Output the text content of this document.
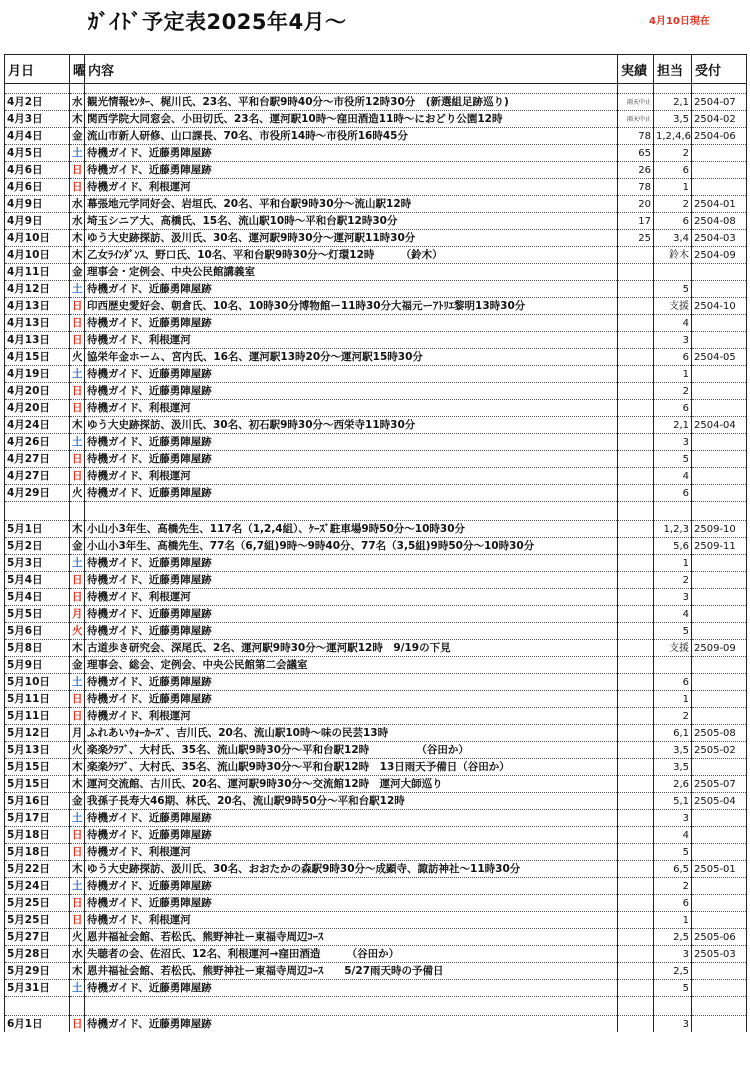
ｶﾞｲﾄﾞ予定表2025年4月～	4月10日現在
月日	曜	内容	実績	担当	受付

4月2日	水	観光情報ｾﾝﾀｰ、梶川氏、23名、平和台駅9時40分～市役所12時30分　(新選組足跡巡り)	雨天中止	2,1	2504-07
4月3日	木	関西学院大同窓会、小田切氏、23名、運河駅10時～窪田酒造11時～におどり公園12時	雨天中止	3,5	2504-02
4月4日	金	流山市新人研修、山口課長、70名、市役所14時～市役所16時45分	78	1,2,4,6	2504-06
4月5日	土	待機ガイド、近藤勇陣屋跡	65	2	
4月6日	日	待機ガイド、近藤勇陣屋跡	26	6	
4月6日	日	待機ガイド、利根運河	78	1	
4月9日	水	幕張地元学同好会、岩垣氏、20名、平和台駅9時30分～流山駅12時	20	2	2504-01
4月9日	水	埼玉シニア大、高橋氏、15名、流山駅10時～平和台駅12時30分	17	6	2504-08
4月10日	木	ゆう大史跡探訪、汲川氏、30名、運河駅9時30分～運河駅11時30分	25	3,4	2504-03
4月10日	木	乙女ﾗｲﾝﾀﾞﾝｽ、野口氏、10名、平和台駅9時30分～灯環12時　　　（鈴木）		鈴木	2504-09
4月11日	金	理事会・定例会、中央公民館講義室			
4月12日	土	待機ガイド、近藤勇陣屋跡		5	
4月13日	日	印西歴史愛好会、朝倉氏、10名、10時30分博物館ー11時30分大福元ーｱﾄﾘｴ黎明13時30分		支援	2504-10
4月13日	日	待機ガイド、近藤勇陣屋跡		4	
4月13日	日	待機ガイド、利根運河		3	
4月15日	火	協栄年金ホーム、宮内氏、16名、運河駅13時20分～運河駅15時30分		6	2504-05
4月19日	土	待機ガイド、近藤勇陣屋跡		1	
4月20日	日	待機ガイド、近藤勇陣屋跡		2	
4月20日	日	待機ガイド、利根運河		6	
4月24日	木	ゆう大史跡探訪、汲川氏、30名、初石駅9時30分～西栄寺11時30分		2,1	2504-04
4月26日	土	待機ガイド、近藤勇陣屋跡		3	
4月27日	日	待機ガイド、近藤勇陣屋跡		5	
4月27日	日	待機ガイド、利根運河		4	
4月29日	火	待機ガイド、近藤勇陣屋跡		6	

5月1日	木	小山小3年生、高橋先生、117名（1,2,4組）、ｹｰｽﾞ駐車場9時50分～10時30分		1,2,3	2509-10
5月2日	金	小山小3年生、高橋先生、77名（6,7組)9時～9時40分、77名（3,5組)9時50分～10時30分		5,6	2509-11
5月3日	土	待機ガイド、近藤勇陣屋跡		1	
5月4日	日	待機ガイド、近藤勇陣屋跡		2	
5月4日	日	待機ガイド、利根運河		3	
5月5日	月	待機ガイド、近藤勇陣屋跡		4	
5月6日	火	待機ガイド、近藤勇陣屋跡		5	
5月8日	木	古道歩き研究会、深尾氏、2名、運河駅9時30分～運河駅12時　9/19の下見		支援	2509-09
5月9日	金	理事会、総会、定例会、中央公民館第二会議室			
5月10日	土	待機ガイド、近藤勇陣屋跡		6	
5月11日	日	待機ガイド、近藤勇陣屋跡		1	
5月11日	日	待機ガイド、利根運河		2	
5月12日	月	ふれあいｳｫｰｶｰｽﾞ、吉川氏、20名、流山駅10時～味の民芸13時		6,1	2505-08
5月13日	火	楽楽ｸﾗﾌﾞ、大村氏、35名、流山駅9時30分～平和台駅12時　　　　　（谷田か）		3,5	2505-02
5月15日	木	楽楽ｸﾗﾌﾞ、大村氏、35名、流山駅9時30分～平和台駅12時　13日雨天予備日（谷田か）		3,5	
5月15日	木	運河交流館、古川氏、20名、運河駅9時30分～交流館12時　運河大師巡り		2,6	2505-07
5月16日	金	我孫子長寿大46期、林氏、20名、流山駅9時50分～平和台駅12時		5,1	2505-04
5月17日	土	待機ガイド、近藤勇陣屋跡		3	
5月18日	日	待機ガイド、近藤勇陣屋跡		4	
5月18日	日	待機ガイド、利根運河		5	
5月22日	木	ゆう大史跡探訪、汲川氏、30名、おおたかの森駅9時30分～成顕寺、諏訪神社～11時30分		6,5	2505-01
5月24日	土	待機ガイド、近藤勇陣屋跡		2	
5月25日	日	待機ガイド、近藤勇陣屋跡		6	
5月25日	日	待機ガイド、利根運河		1	
5月27日	火	恩井福祉会館、若松氏、熊野神社ー東福寺周辺ｺｰｽ		2,5	2505-06
5月28日	水	失聴者の会、佐沼氏、12名、利根運河→窪田酒造　　　（谷田か）		3	2505-03
5月29日	木	恩井福祉会館、若松氏、熊野神社ー東福寺周辺ｺｰｽ　　5/27雨天時の予備日		2,5	
5月31日	土	待機ガイド、近藤勇陣屋跡		5	

6月1日	日	待機ガイド、近藤勇陣屋跡		3	
